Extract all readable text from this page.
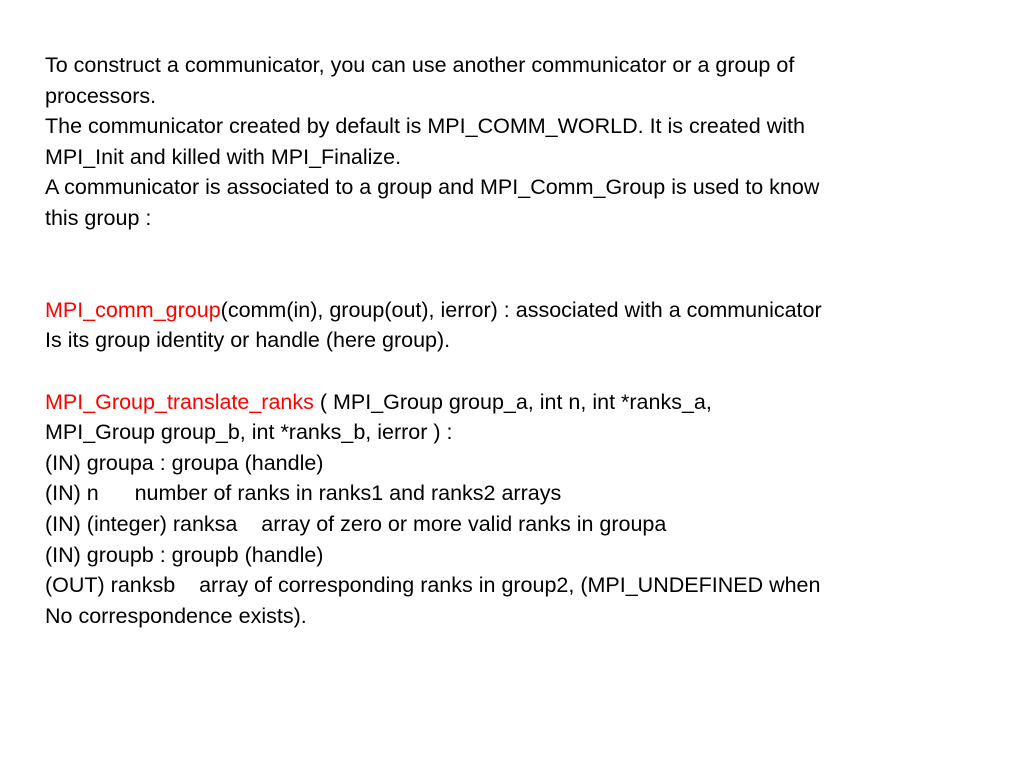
To construct a communicator, you can use another communicator or a group of
processors.
The communicator created by default is MPI_COMM_WORLD. It is created with
MPI_Init and killed with MPI_Finalize.
A communicator is associated to a group and MPI_Comm_Group is used to know
this group :
MPI_comm_group(comm(in), group(out), ierror) : associated with a communicator
Is its group identity or handle (here group).
MPI_Group_translate_ranks ( MPI_Group group_a, int n, int *ranks_a,
MPI_Group group_b, int *ranks_b, ierror ) :
(IN) groupa : groupa (handle)
(IN) n      number of ranks in ranks1 and ranks2 arrays
(IN) (integer) ranksa    array of zero or more valid ranks in groupa
(IN) groupb : groupb (handle)
(OUT) ranksb    array of corresponding ranks in group2, (MPI_UNDEFINED when
No correspondence exists).
